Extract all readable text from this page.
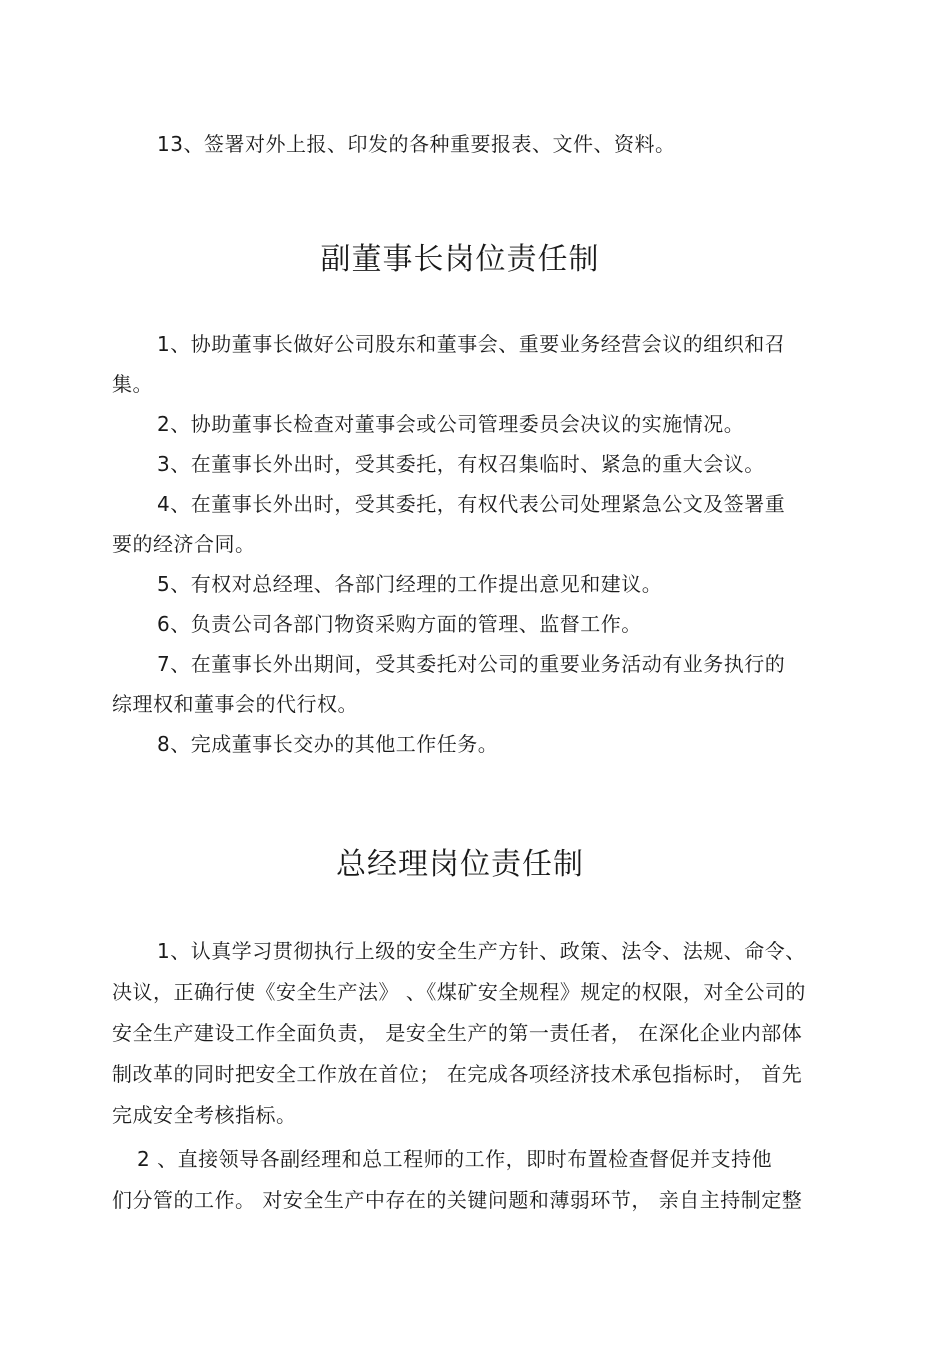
13、签署对外上报、印发的各种重要报表、文件、资料。
副董事长岗位责任制
1、协助董事长做好公司股东和董事会、重要业务经营会议的组织和召
集。
2、协助董事长检查对董事会或公司管理委员会决议的实施情况。
3、在董事长外出时，受其委托，有权召集临时、紧急的重大会议。
4、在董事长外出时，受其委托，有权代表公司处理紧急公文及签署重
要的经济合同。
5、有权对总经理、各部门经理的工作提出意见和建议。
6、负责公司各部门物资采购方面的管理、监督工作。
7、在董事长外出期间，受其委托对公司的重要业务活动有业务执行的
综理权和董事会的代行权。
8、完成董事长交办的其他工作任务。
总经理岗位责任制
1、认真学习贯彻执行上级的安全生产方针、政策、法令、法规、命令、
决议，正确行使《安全生产法》 、《煤矿安全规程》规定的权限，对全公司的
安全生产建设工作全面负责， 是安全生产的第一责任者， 在深化企业内部体
制改革的同时把安全工作放在首位； 在完成各项经济技术承包指标时， 首先
完成安全考核指标。
2 、直接领导各副经理和总工程师的工作，即时布置检查督促并支持他
们分管的工作。 对安全生产中存在的关键问题和薄弱环节， 亲自主持制定整
